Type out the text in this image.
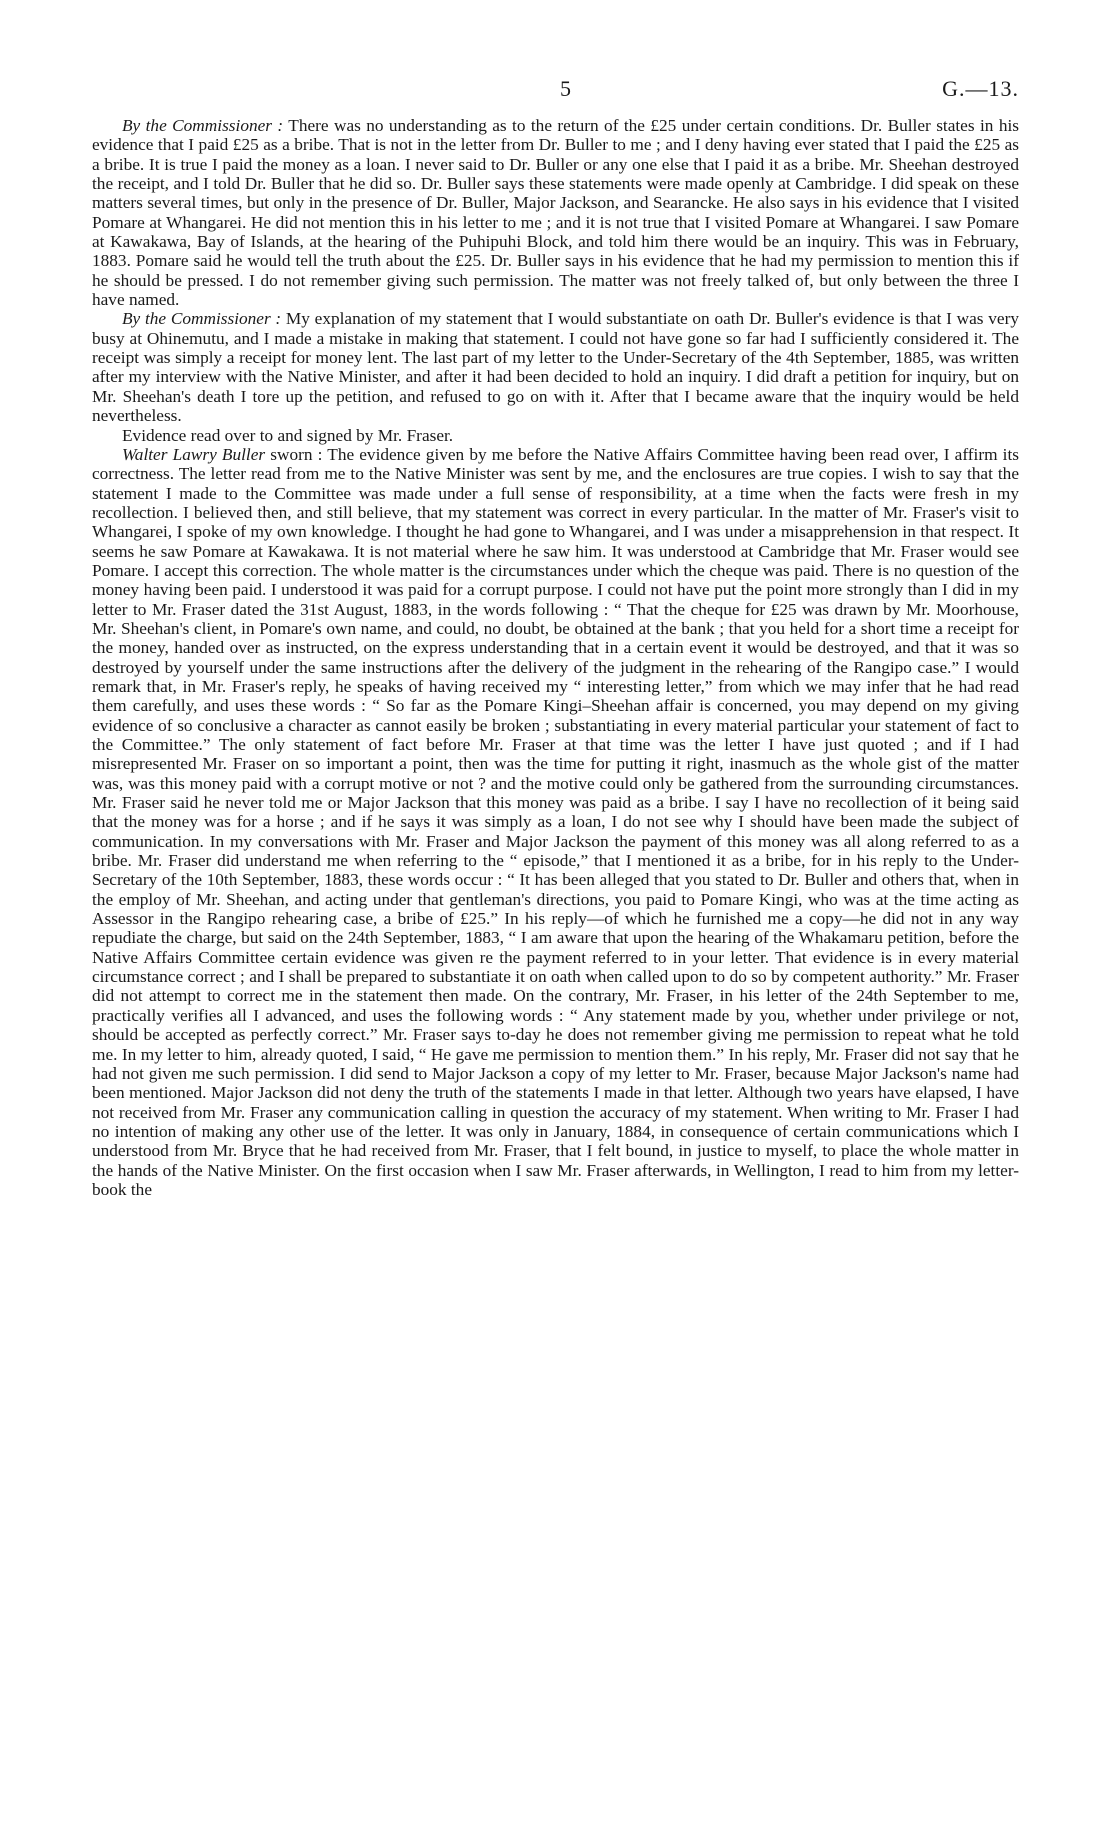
5	G.—13.

By the Commissioner : There was no understanding as to the return of the £25 under certain conditions. Dr. Buller states in his evidence that I paid £25 as a bribe. That is not in the letter from Dr. Buller to me ; and I deny having ever stated that I paid the £25 as a bribe. It is true I paid the money as a loan. I never said to Dr. Buller or any one else that I paid it as a bribe. Mr. Sheehan destroyed the receipt, and I told Dr. Buller that he did so. Dr. Buller says these statements were made openly at Cambridge. I did speak on these matters several times, but only in the presence of Dr. Buller, Major Jackson, and Searancke. He also says in his evidence that I visited Pomare at Whangarei. He did not mention this in his letter to me ; and it is not true that I visited Pomare at Whangarei. I saw Pomare at Kawakawa, Bay of Islands, at the hearing of the Puhipuhi Block, and told him there would be an inquiry. This was in February, 1883. Pomare said he would tell the truth about the £25. Dr. Buller says in his evidence that he had my permission to mention this if he should be pressed. I do not remember giving such permission. The matter was not freely talked of, but only between the three I have named.

By the Commissioner : My explanation of my statement that I would substantiate on oath Dr. Buller's evidence is that I was very busy at Ohinemutu, and I made a mistake in making that statement. I could not have gone so far had I sufficiently considered it. The receipt was simply a receipt for money lent. The last part of my letter to the Under-Secretary of the 4th September, 1885, was written after my interview with the Native Minister, and after it had been decided to hold an inquiry. I did draft a petition for inquiry, but on Mr. Sheehan's death I tore up the petition, and refused to go on with it. After that I became aware that the inquiry would be held nevertheless.

Evidence read over to and signed by Mr. Fraser.

Walter Lawry Buller sworn : The evidence given by me before the Native Affairs Committee having been read over, I affirm its correctness. The letter read from me to the Native Minister was sent by me, and the enclosures are true copies. I wish to say that the statement I made to the Committee was made under a full sense of responsibility, at a time when the facts were fresh in my recollection. I believed then, and still believe, that my statement was correct in every particular. In the matter of Mr. Fraser's visit to Whangarei, I spoke of my own knowledge. I thought he had gone to Whangarei, and I was under a misapprehension in that respect. It seems he saw Pomare at Kawakawa. It is not material where he saw him. It was understood at Cambridge that Mr. Fraser would see Pomare. I accept this correction. The whole matter is the circumstances under which the cheque was paid. There is no question of the money having been paid. I understood it was paid for a corrupt purpose. I could not have put the point more strongly than I did in my letter to Mr. Fraser dated the 31st August, 1883, in the words following : “ That the cheque for £25 was drawn by Mr. Moorhouse, Mr. Sheehan's client, in Pomare's own name, and could, no doubt, be obtained at the bank ; that you held for a short time a receipt for the money, handed over as instructed, on the express understanding that in a certain event it would be destroyed, and that it was so destroyed by yourself under the same instructions after the delivery of the judgment in the rehearing of the Rangipo case.” I would remark that, in Mr. Fraser's reply, he speaks of having received my “ interesting letter,” from which we may infer that he had read them carefully, and uses these words : “ So far as the Pomare Kingi–Sheehan affair is concerned, you may depend on my giving evidence of so conclusive a character as cannot easily be broken ; substantiating in every material particular your statement of fact to the Committee.” The only statement of fact before Mr. Fraser at that time was the letter I have just quoted ; and if I had misrepresented Mr. Fraser on so important a point, then was the time for putting it right, inasmuch as the whole gist of the matter was, was this money paid with a corrupt motive or not ? and the motive could only be gathered from the surrounding circumstances. Mr. Fraser said he never told me or Major Jackson that this money was paid as a bribe. I say I have no recollection of it being said that the money was for a horse ; and if he says it was simply as a loan, I do not see why I should have been made the subject of communication. In my conversations with Mr. Fraser and Major Jackson the payment of this money was all along referred to as a bribe. Mr. Fraser did understand me when referring to the “ episode,” that I mentioned it as a bribe, for in his reply to the Under-Secretary of the 10th September, 1883, these words occur : “ It has been alleged that you stated to Dr. Buller and others that, when in the employ of Mr. Sheehan, and acting under that gentleman's directions, you paid to Pomare Kingi, who was at the time acting as Assessor in the Rangipo rehearing case, a bribe of £25.” In his reply—of which he furnished me a copy—he did not in any way repudiate the charge, but said on the 24th September, 1883, “ I am aware that upon the hearing of the Whakamaru petition, before the Native Affairs Committee certain evidence was given re the payment referred to in your letter. That evidence is in every material circumstance correct ; and I shall be prepared to substantiate it on oath when called upon to do so by competent authority.” Mr. Fraser did not attempt to correct me in the statement then made. On the contrary, Mr. Fraser, in his letter of the 24th September to me, practically verifies all I advanced, and uses the following words : “ Any statement made by you, whether under privilege or not, should be accepted as perfectly correct.” Mr. Fraser says to-day he does not remember giving me permission to repeat what he told me. In my letter to him, already quoted, I said, “ He gave me permission to mention them.” In his reply, Mr. Fraser did not say that he had not given me such permission. I did send to Major Jackson a copy of my letter to Mr. Fraser, because Major Jackson's name had been mentioned. Major Jackson did not deny the truth of the statements I made in that letter. Although two years have elapsed, I have not received from Mr. Fraser any communication calling in question the accuracy of my statement. When writing to Mr. Fraser I had no intention of making any other use of the letter. It was only in January, 1884, in consequence of certain communications which I understood from Mr. Bryce that he had received from Mr. Fraser, that I felt bound, in justice to myself, to place the whole matter in the hands of the Native Minister. On the first occasion when I saw Mr. Fraser afterwards, in Wellington, I read to him from my letter-book the
